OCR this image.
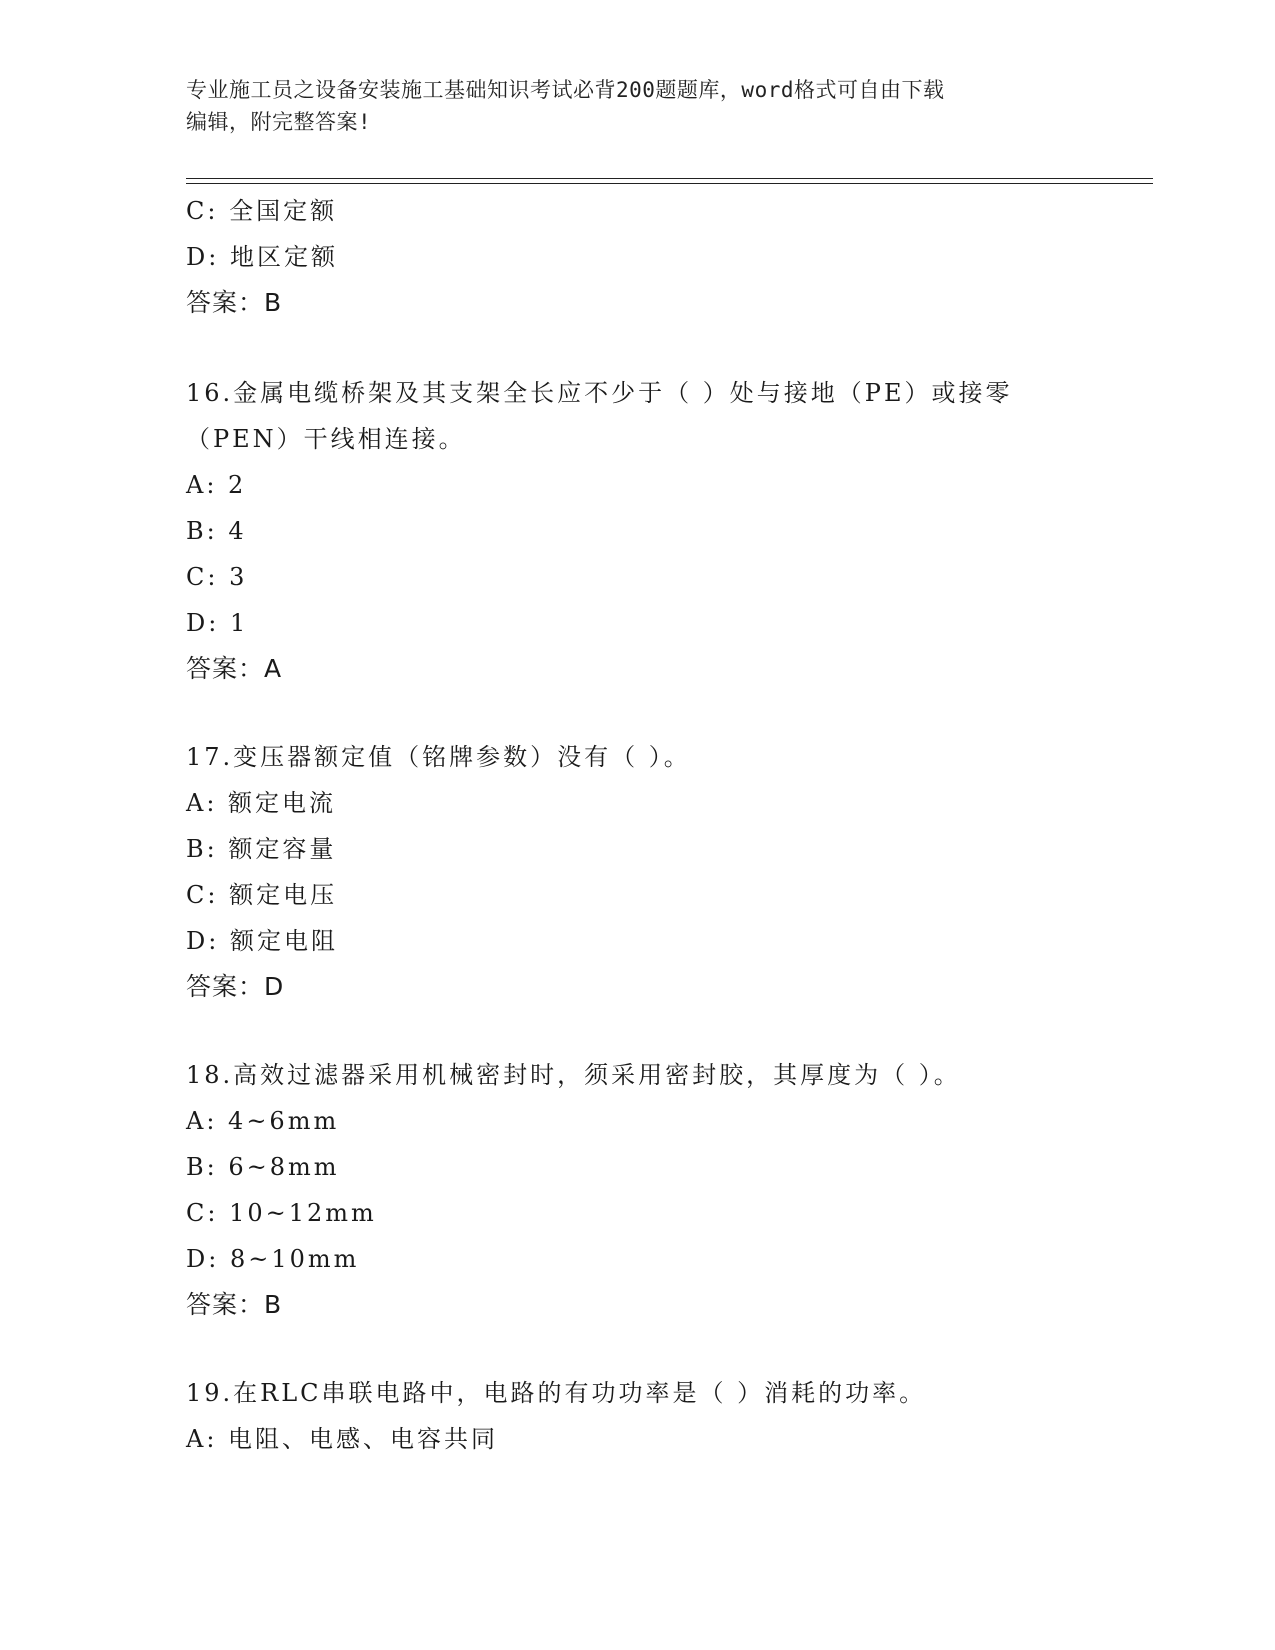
专业施工员之设备安装施工基础知识考试必背200题题库，word格式可自由下载
编辑，附完整答案!
C: 全国定额
D: 地区定额
答案：B
16.金属电缆桥架及其支架全长应不少于（ ）处与接地（PE）或接零
（PEN）干线相连接。
A: 2
B: 4
C: 3
D: 1
答案：A
17.变压器额定值（铭牌参数）没有（ ）。
A: 额定电流
B: 额定容量
C: 额定电压
D: 额定电阻
答案：D
18.高效过滤器采用机械密封时，须采用密封胶，其厚度为（ ）。
A: 4~6mm
B: 6~8mm
C: 10~12mm
D: 8~10mm
答案：B
19.在RLC串联电路中，电路的有功功率是（ ）消耗的功率。
A: 电阻、电感、电容共同
